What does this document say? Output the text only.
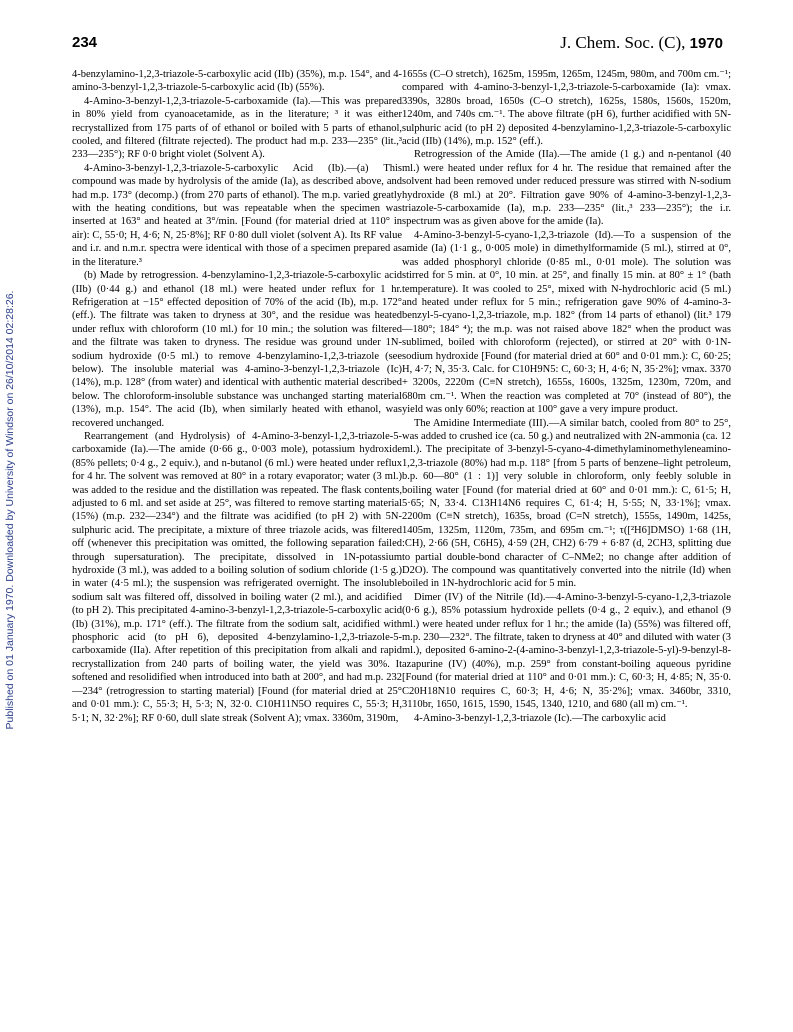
234	J. Chem. Soc. (C), 1970
Published on 01 January 1970. Downloaded by University of Windsor on 26/10/2014 02:28:26.

4-benzylamino-1,2,3-triazole-5-carboxylic acid (IIb) (35%), m.p. 154°, and 4-amino-3-benzyl-1,2,3-triazole-5-carboxylic acid (Ib) (55%).

4-Amino-3-benzyl-1,2,3-triazole-5-carboxamide (Ia).—This was prepared in 80% yield from cyanoacetamide, as in the literature; ³ it was either recrystallized from 175 parts of of ethanol or boiled with 5 parts of ethanol, cooled, and filtered (filtrate rejected). The product had m.p. 233—235° (lit.,³ 233—235°); RF 0·0 bright violet (Solvent A).

4-Amino-3-benzyl-1,2,3-triazole-5-carboxylic Acid (Ib).—(a) This compound was made by hydrolysis of the amide (Ia), as described above, and had m.p. 173° (decomp.) (from 270 parts of ethanol). The m.p. varied greatly with the heating conditions, but was repeatable when the specimen was inserted at 163° and heated at 3°/min. [Found (for material dried at 110° in air): C, 55·0; H, 4·6; N, 25·8%]; RF 0·80 dull violet (solvent A). Its RF value and i.r. and n.m.r. spectra were identical with those of a specimen prepared as in the literature.³

(b) Made by retrogression. 4-benzylamino-1,2,3-triazole-5-carboxylic acid (IIb) (0·44 g.) and ethanol (18 ml.) were heated under reflux for 1 hr. Refrigeration at −15° effected deposition of 70% of the acid (Ib), m.p. 172° (eff.). The filtrate was taken to dryness at 30°, and the residue was heated under reflux with chloroform (10 ml.) for 10 min.; the solution was filtered and the filtrate was taken to dryness. The residue was ground under 1N-sodium hydroxide (0·5 ml.) to remove 4-benzylamino-1,2,3-triazole (see below). The insoluble material was 4-amino-3-benzyl-1,2,3-triazole (Ic) (14%), m.p. 128° (from water) and identical with authentic material described below. The chloroform-insoluble substance was unchanged starting material (13%), m.p. 154°. The acid (Ib), when similarly heated with ethanol, was recovered unchanged.

Rearrangement (and Hydrolysis) of 4-Amino-3-benzyl-1,2,3-triazole-5-carboxamide (Ia).—The amide (0·66 g., 0·003 mole), potassium hydroxide (85% pellets; 0·4 g., 2 equiv.), and n-butanol (6 ml.) were heated under reflux for 4 hr. The solvent was removed at 80° in a rotary evaporator; water (3 ml.) was added to the residue and the distillation was repeated. The flask contents, adjusted to 6 ml. and set aside at 25°, was filtered to remove starting material (15%) (m.p. 232—234°) and the filtrate was acidified (to pH 2) with 5N-sulphuric acid. The precipitate, a mixture of three triazole acids, was filtered off (whenever this precipitation was omitted, the following separation failed through supersaturation). The precipitate, dissolved in 1N-potassium hydroxide (3 ml.), was added to a boiling solution of sodium chloride (1·5 g.) in water (4·5 ml.); the suspension was refrigerated overnight. The insoluble sodium salt was filtered off, dissolved in boiling water (2 ml.), and acidified (to pH 2). This precipitated 4-amino-3-benzyl-1,2,3-triazole-5-carboxylic acid (Ib) (31%), m.p. 171° (eff.). The filtrate from the sodium salt, acidified with phosphoric acid (to pH 6), deposited 4-benzylamino-1,2,3-triazole-5-carboxamide (IIa). After repetition of this precipitation from alkali and rapid recrystallization from 240 parts of boiling water, the yield was 30%. It softened and resolidified when introduced into bath at 200°, and had m.p. 232—234° (retrogression to starting material) [Found (for material dried at 25° and 0·01 mm.): C, 55·3; H, 5·3; N, 32·0. C10H11N5O requires C, 55·3; H, 5·1; N, 32·2%]; RF 0·60, dull slate streak (Solvent A); νmax. 3360m, 3190m,

1655s (C–O stretch), 1625m, 1595m, 1265m, 1245m, 980m, and 700m cm.⁻¹; compared with 4-amino-3-benzyl-1,2,3-triazole-5-carboxamide (Ia): νmax. 3390s, 3280s broad, 1650s (C–O stretch), 1625s, 1580s, 1560s, 1520m, 1240m, and 740s cm.⁻¹. The above filtrate (pH 6), further acidified with 5N-sulphuric acid (to pH 2) deposited 4-benzylamino-1,2,3-triazole-5-carboxylic acid (IIb) (14%), m.p. 152° (eff.).

Retrogression of the Amide (IIa).—The amide (1 g.) and n-pentanol (40 ml.) were heated under reflux for 4 hr. The residue that remained after the solvent had been removed under reduced pressure was stirred with N-sodium hydroxide (8 ml.) at 20°. Filtration gave 90% of 4-amino-3-benzyl-1,2,3-triazole-5-carboxamide (Ia), m.p. 233—235° (lit.,³ 233—235°); the i.r. spectrum was as given above for the amide (Ia).

4-Amino-3-benzyl-5-cyano-1,2,3-triazole (Id).—To a suspension of the amide (Ia) (1·1 g., 0·005 mole) in dimethylformamide (5 ml.), stirred at 0°, was added phosphoryl chloride (0·85 ml., 0·01 mole). The solution was stirred for 5 min. at 0°, 10 min. at 25°, and finally 15 min. at 80° ± 1° (bath temperature). It was cooled to 25°, mixed with N-hydrochloric acid (5 ml.) and heated under reflux for 5 min.; refrigeration gave 90% of 4-amino-3-benzyl-5-cyano-1,2,3-triazole, m.p. 182° (from 14 parts of ethanol) (lit.³ 179—180°; 184° ⁴); the m.p. was not raised above 182° when the product was sublimed, boiled with chloroform (rejected), or stirred at 20° with 0·1N-sodium hydroxide [Found (for material dried at 60° and 0·01 mm.): C, 60·25; H, 4·7; N, 35·3. Calc. for C10H9N5: C, 60·3; H, 4·6; N, 35·2%]; νmax. 3370 + 3200s, 2220m (C≡N stretch), 1655s, 1600s, 1325m, 1230m, 720m, and 680m cm.⁻¹. When the reaction was completed at 70° (instead of 80°), the yield was only 60%; reaction at 100° gave a very impure product.

The Amidine Intermediate (III).—A similar batch, cooled from 80° to 25°, was added to crushed ice (ca. 50 g.) and neutralized with 2N-ammonia (ca. 12 ml.). The precipitate of 3-benzyl-5-cyano-4-dimethylaminomethyleneamino-1,2,3-triazole (80%) had m.p. 118° [from 5 parts of benzene–light petroleum, b.p. 60—80° (1 : 1)] very soluble in chloroform, only feebly soluble in boiling water [Found (for material dried at 60° and 0·01 mm.): C, 61·5; H, 5·65; N, 33·4. C13H14N6 requires C, 61·4; H, 5·55; N, 33·1%]; νmax. 2200m (C≡N stretch), 1635s, broad (C=N stretch), 1555s, 1490m, 1425s, 1405m, 1325m, 1120m, 735m, and 695m cm.⁻¹; τ([²H6]DMSO) 1·68 (1H, :CH), 2·66 (5H, C6H5), 4·59 (2H, CH2) 6·79 + 6·87 (d, 2CH3, splitting due to partial double-bond character of C–NMe2; no change after addition of D2O). The compound was quantitatively converted into the nitrile (Id) when boiled in 1N-hydrochloric acid for 5 min.

Dimer (IV) of the Nitrile (Id).—4-Amino-3-benzyl-5-cyano-1,2,3-triazole (0·6 g.), 85% potassium hydroxide pellets (0·4 g., 2 equiv.), and ethanol (9 ml.) were heated under reflux for 1 hr.; the amide (Ia) (55%) was filtered off, m.p. 230—232°. The filtrate, taken to dryness at 40° and diluted with water (3 ml.), deposited 6-amino-2-(4-amino-3-benzyl-1,2,3-triazole-5-yl)-9-benzyl-8-azapurine (IV) (40%), m.p. 259° from constant-boiling aqueous pyridine [Found (for material dried at 110° and 0·01 mm.): C, 60·3; H, 4·85; N, 35·0. C20H18N10 requires C, 60·3; H, 4·6; N, 35·2%]; νmax. 3460br, 3310, 3110br, 1650, 1615, 1590, 1545, 1340, 1210, and 680 (all m) cm.⁻¹.

4-Amino-3-benzyl-1,2,3-triazole (Ic).—The carboxylic acid
